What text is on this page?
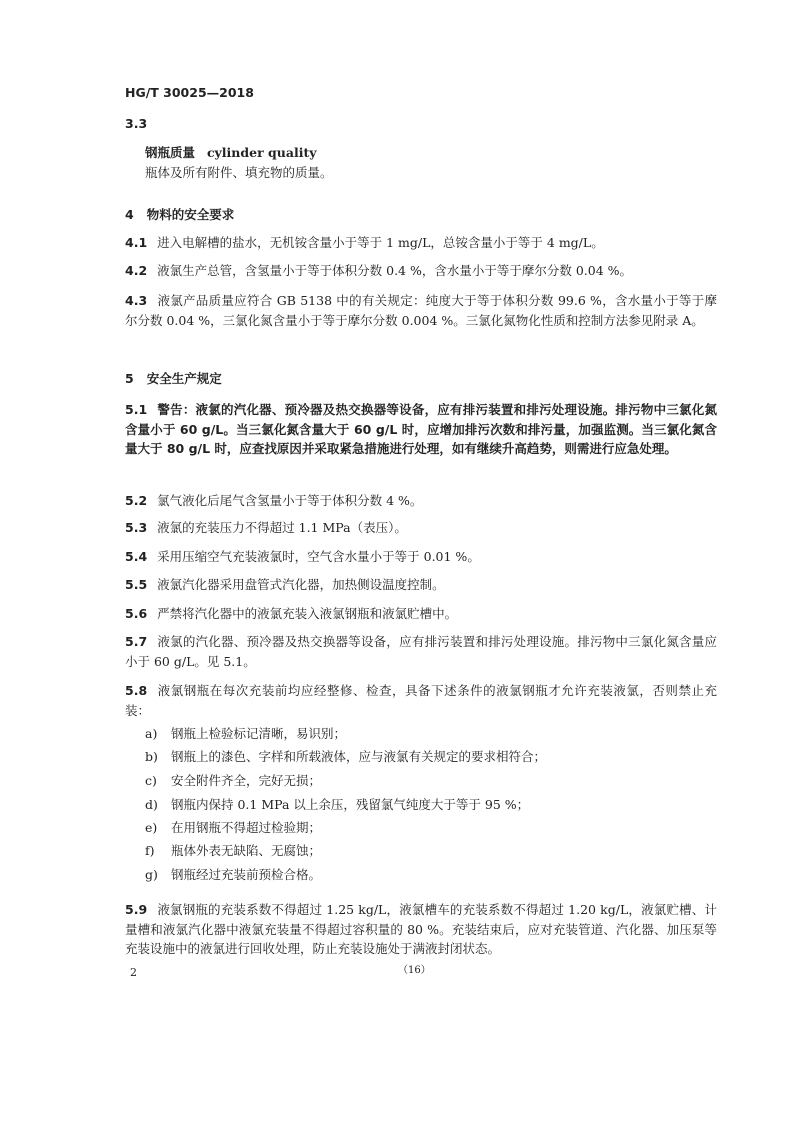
HG/T 30025—2018
3.3
钢瓶质量 cylinder quality
瓶体及所有附件、填充物的质量。
4 物料的安全要求
4.1 进入电解槽的盐水，无机铵含量小于等于 1 mg/L，总铵含量小于等于 4 mg/L。
4.2 液氯生产总管，含氢量小于等于体积分数 0.4 %，含水量小于等于摩尔分数 0.04 %。
4.3 液氯产品质量应符合 GB 5138 中的有关规定：纯度大于等于体积分数 99.6 %，含水量小于等于摩尔分数 0.04 %，三氯化氮含量小于等于摩尔分数 0.004 %。三氯化氮物化性质和控制方法参见附录 A。
5 安全生产规定
5.1 警告：液氯的汽化器、预冷器及热交换器等设备，应有排污装置和排污处理设施。排污物中三氯化氮含量小于 60 g/L。当三氯化氮含量大于 60 g/L 时，应增加排污次数和排污量，加强监测。当三氯化氮含量大于 80 g/L 时，应查找原因并采取紧急措施进行处理，如有继续升高趋势，则需进行应急处理。
5.2 氯气液化后尾气含氢量小于等于体积分数 4 %。
5.3 液氯的充装压力不得超过 1.1 MPa（表压）。
5.4 采用压缩空气充装液氯时，空气含水量小于等于 0.01 %。
5.5 液氯汽化器采用盘管式汽化器，加热侧设温度控制。
5.6 严禁将汽化器中的液氯充装入液氯钢瓶和液氯贮槽中。
5.7 液氯的汽化器、预冷器及热交换器等设备，应有排污装置和排污处理设施。排污物中三氯化氮含量应小于 60 g/L。见 5.1。
5.8 液氯钢瓶在每次充装前均应经整修、检查，具备下述条件的液氯钢瓶才允许充装液氯，否则禁止充装：
a) 钢瓶上检验标记清晰，易识别；
b) 钢瓶上的漆色、字样和所载液体，应与液氯有关规定的要求相符合；
c) 安全附件齐全，完好无损；
d) 钢瓶内保持 0.1 MPa 以上余压，残留氯气纯度大于等于 95 %；
e) 在用钢瓶不得超过检验期；
f) 瓶体外表无缺陷、无腐蚀；
g) 钢瓶经过充装前预检合格。
5.9 液氯钢瓶的充装系数不得超过 1.25 kg/L，液氯槽车的充装系数不得超过 1.20 kg/L，液氯贮槽、计量槽和液氯汽化器中液氯充装量不得超过容积量的 80 %。充装结束后，应对充装管道、汽化器、加压泵等充装设施中的液氯进行回收处理，防止充装设施处于满液封闭状态。
2	（16）
